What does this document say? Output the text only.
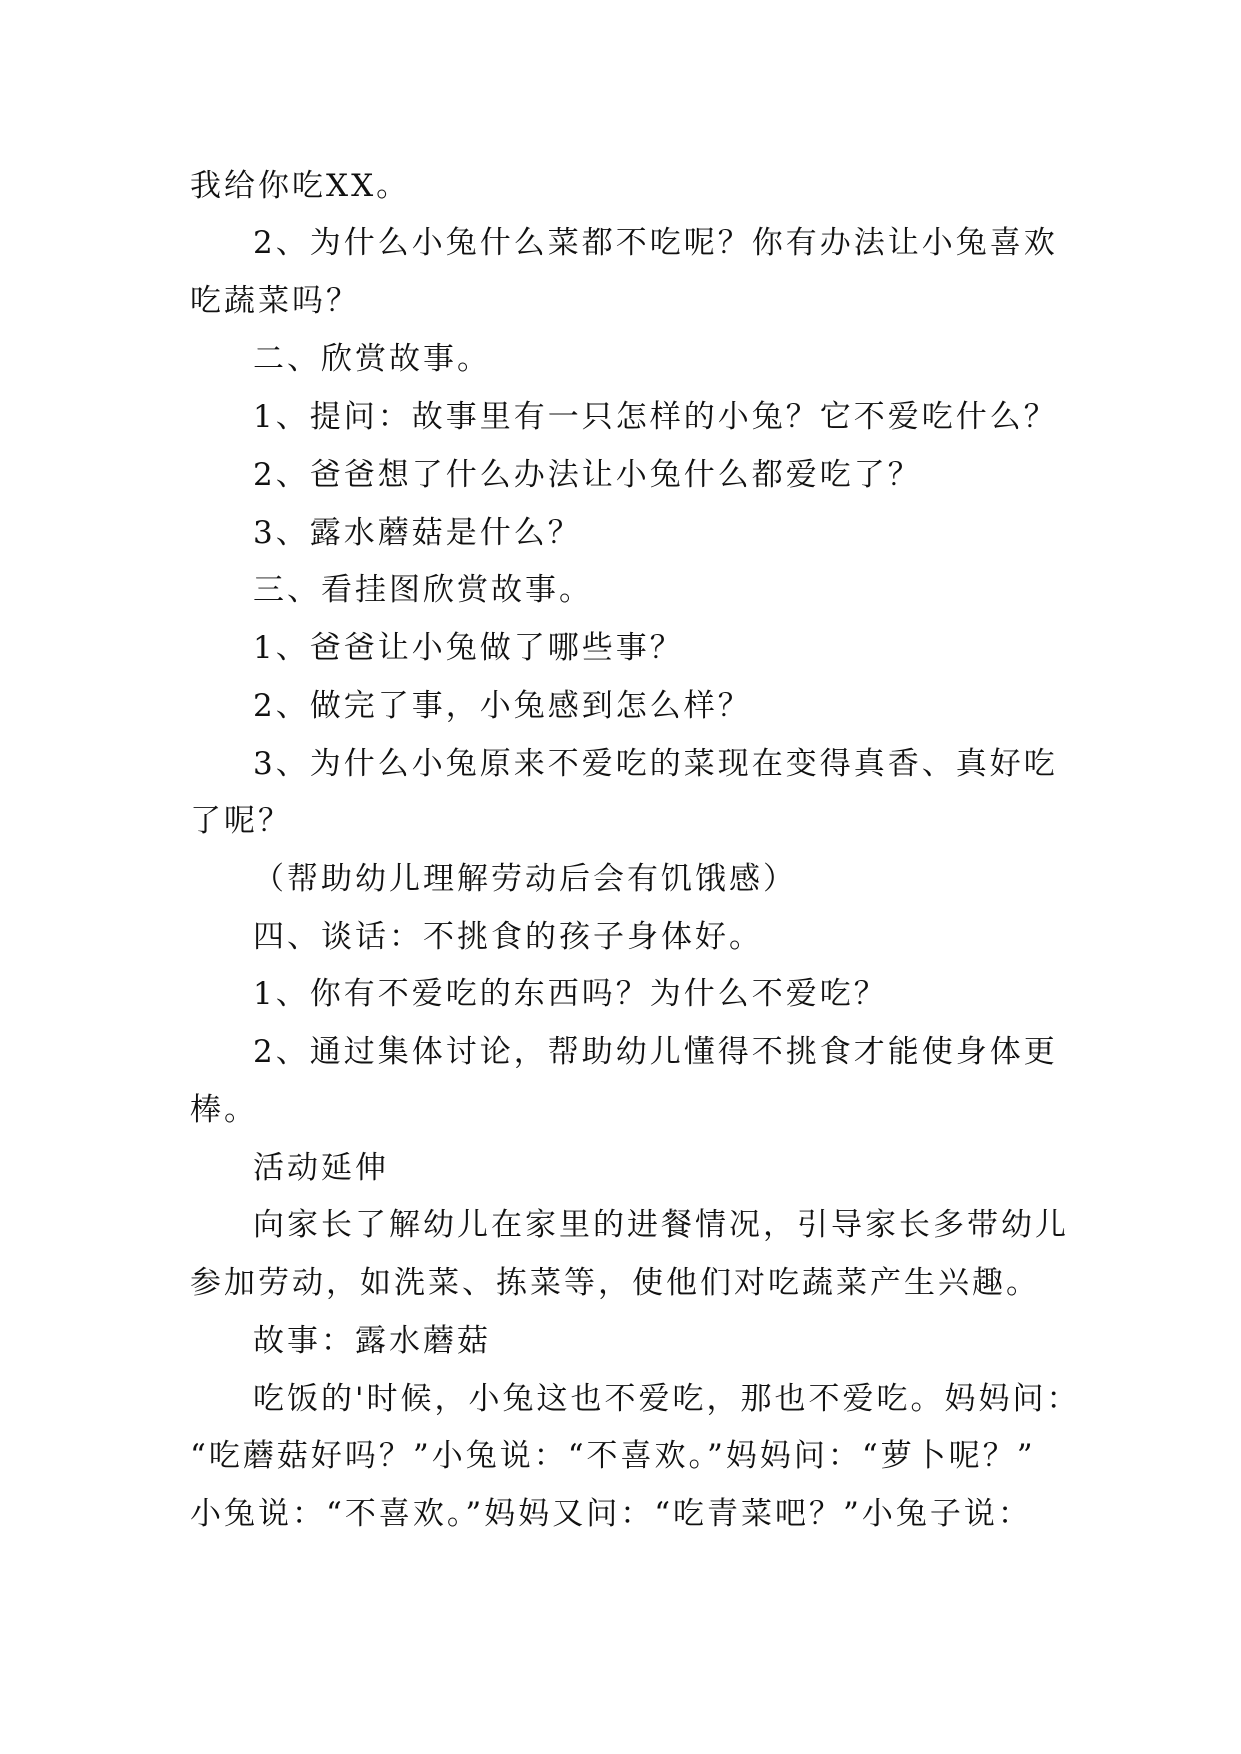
我给你吃XX。

2、为什么小兔什么菜都不吃呢？你有办法让小兔喜欢

吃蔬菜吗？

二、欣赏故事。

1、提问：故事里有一只怎样的小兔？它不爱吃什么？

2、爸爸想了什么办法让小兔什么都爱吃了？

3、露水蘑菇是什么？

三、看挂图欣赏故事。

1、爸爸让小兔做了哪些事？

2、做完了事，小兔感到怎么样？

3、为什么小兔原来不爱吃的菜现在变得真香、真好吃

了呢？

（帮助幼儿理解劳动后会有饥饿感）

四、谈话：不挑食的孩子身体好。

1、你有不爱吃的东西吗？为什么不爱吃？

2、通过集体讨论，帮助幼儿懂得不挑食才能使身体更

棒。

活动延伸

向家长了解幼儿在家里的进餐情况，引导家长多带幼儿

参加劳动，如洗菜、拣菜等，使他们对吃蔬菜产生兴趣。

故事：露水蘑菇

吃饭的'时候，小兔这也不爱吃，那也不爱吃。妈妈问：

“吃蘑菇好吗？”小兔说：“不喜欢。”妈妈问：“萝卜呢？”

小兔说：“不喜欢。”妈妈又问：“吃青菜吧？”小兔子说：
